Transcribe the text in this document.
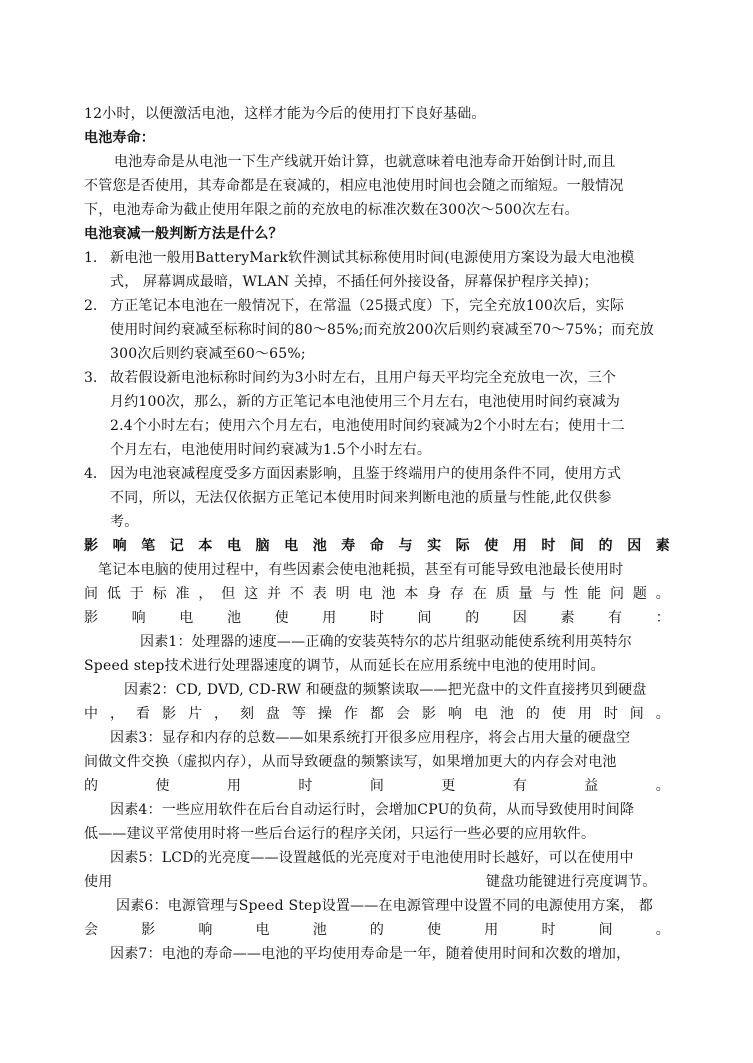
12小时，以便激活电池，这样才能为今后的使用打下良好基础。
电池寿命：
电池寿命是从电池一下生产线就开始计算，也就意味着电池寿命开始倒计时,而且
不管您是否使用，其寿命都是在衰减的，相应电池使用时间也会随之而缩短。一般情况
下，电池寿命为截止使用年限之前的充放电的标准次数在300次～500次左右。
电池衰减一般判断方法是什么？
1. 新电池一般用BatteryMark软件测试其标称使用时间(电源使用方案设为最大电池模
式， 屏幕调成最暗，WLAN 关掉，不插任何外接设备，屏幕保护程序关掉)；
2. 方正笔记本电池在一般情况下，在常温（25摄式度）下，完全充放100次后，实际
使用时间约衰减至标称时间的80～85%;而充放200次后则约衰减至70～75%；而充放
300次后则约衰减至60～65%;
3. 故若假设新电池标称时间约为3小时左右，且用户每天平均完全充放电一次，三个
月约100次，那么，新的方正笔记本电池使用三个月左右，电池使用时间约衰减为
2.4个小时左右；使用六个月左右，电池使用时间约衰减为2个小时左右；使用十二
个月左右，电池使用时间约衰减为1.5个小时左右。
4. 因为电池衰减程度受多方面因素影响，且鉴于终端用户的使用条件不同，使用方式
不同，所以，无法仅依据方正笔记本使用时间来判断电池的质量与性能,此仅供参
考。
影 响 笔 记 本 电 脑 电 池 寿 命 与 实 际 使 用 时 间 的 因 素
笔记本电脑的使用过程中，有些因素会使电池耗损，甚至有可能导致电池最长使用时
间 低 于 标 准 ， 但 这 并 不 表 明 电 池 本 身 存 在 质 量 与 性 能 问 题 。
影 响 电 池 使 用 时 间 的 因 素 有 ：
因素1：处理器的速度——正确的安装英特尔的芯片组驱动能使系统利用英特尔
Speed step技术进行处理器速度的调节，从而延长在应用系统中电池的使用时间。
因素2：CD, DVD, CD-RW 和硬盘的频繁读取——把光盘中的文件直接拷贝到硬盘
中 ， 看 影 片 ， 刻 盘 等 操 作 都 会 影 响 电 池 的 使 用 时 间 。
因素3：显存和内存的总数——如果系统打开很多应用程序，将会占用大量的硬盘空
间做文件交换（虚拟内存），从而导致硬盘的频繁读写，如果增加更大的内存会对电池
的 使 用 时 间 更 有 益 。
因素4：一些应用软件在后台自动运行时，会增加CPU的负荷，从而导致使用时间降
低——建议平常使用时将一些后台运行的程序关闭，只运行一些必要的应用软件。
因素5：LCD的光亮度——设置越低的光亮度对于电池使用时长越好，可以在使用中
使用	键盘功能键进行亮度调节。
因素6：电源管理与Speed Step设置——在电源管理中设置不同的电源使用方案， 都
会 影 响 电 池 的 使 用 时 间 。
因素7：电池的寿命——电池的平均使用寿命是一年，随着使用时间和次数的增加，
